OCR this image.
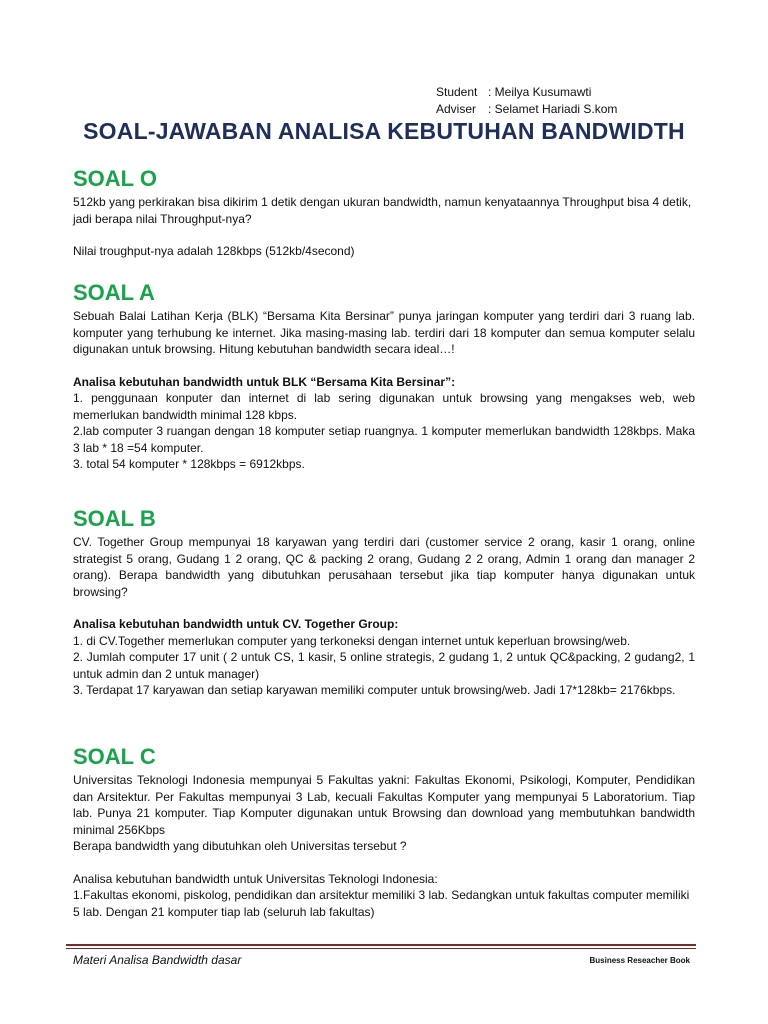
Student : Meilya Kusumawti
Adviser : Selamet Hariadi S.kom
SOAL-JAWABAN ANALISA KEBUTUHAN BANDWIDTH
SOAL O

512kb yang perkirakan bisa dikirim 1 detik dengan ukuran bandwidth, namun kenyataannya Throughput bisa 4 detik, jadi berapa nilai Throughput-nya?

Nilai troughput-nya adalah 128kbps (512kb/4second)

SOAL A

Sebuah Balai Latihan Kerja (BLK) “Bersama Kita Bersinar” punya jaringan komputer yang terdiri dari 3 ruang lab. komputer yang terhubung ke internet. Jika masing-masing lab. terdiri dari 18 komputer dan semua komputer selalu digunakan untuk browsing. Hitung kebutuhan bandwidth secara ideal…!

Analisa kebutuhan bandwidth untuk BLK “Bersama Kita Bersinar”:

1. penggunaan konputer dan internet di lab sering digunakan untuk browsing yang mengakses web, web memerlukan bandwidth minimal 128 kbps.

2.lab computer 3 ruangan dengan 18 komputer setiap ruangnya. 1 komputer memerlukan bandwidth 128kbps. Maka 3 lab * 18 =54 komputer.

3. total 54 komputer * 128kbps = 6912kbps.

SOAL B

CV. Together Group mempunyai 18 karyawan yang terdiri dari (customer service 2 orang, kasir 1 orang, online strategist 5 orang, Gudang 1 2 orang, QC & packing 2 orang, Gudang 2 2 orang, Admin 1 orang dan manager 2 orang). Berapa bandwidth yang dibutuhkan perusahaan tersebut jika tiap komputer hanya digunakan untuk browsing?

Analisa kebutuhan bandwidth untuk CV. Together Group:

1. di CV.Together memerlukan computer yang terkoneksi dengan internet untuk keperluan browsing/web.

2. Jumlah computer 17 unit ( 2 untuk CS, 1 kasir, 5 online strategis, 2 gudang 1, 2 untuk QC&packing, 2 gudang2, 1 untuk admin dan 2 untuk manager)

3. Terdapat 17 karyawan dan setiap karyawan memiliki computer untuk browsing/web. Jadi 17*128kb= 2176kbps.

SOAL C

Universitas Teknologi Indonesia mempunyai 5 Fakultas yakni: Fakultas Ekonomi, Psikologi, Komputer, Pendidikan dan Arsitektur. Per Fakultas mempunyai 3 Lab, kecuali Fakultas Komputer yang mempunyai 5 Laboratorium. Tiap lab. Punya 21 komputer. Tiap Komputer digunakan untuk Browsing dan download yang membutuhkan bandwidth minimal 256Kbps

Berapa bandwidth yang dibutuhkan oleh Universitas tersebut ?

Analisa kebutuhan bandwidth untuk Universitas Teknologi Indonesia:

1.Fakultas ekonomi, piskolog, pendidikan dan arsitektur memiliki 3 lab. Sedangkan untuk fakultas computer memiliki 5 lab. Dengan 21 komputer tiap lab (seluruh lab fakultas)

Materi Analisa Bandwidth dasar	Business Reseacher Book
